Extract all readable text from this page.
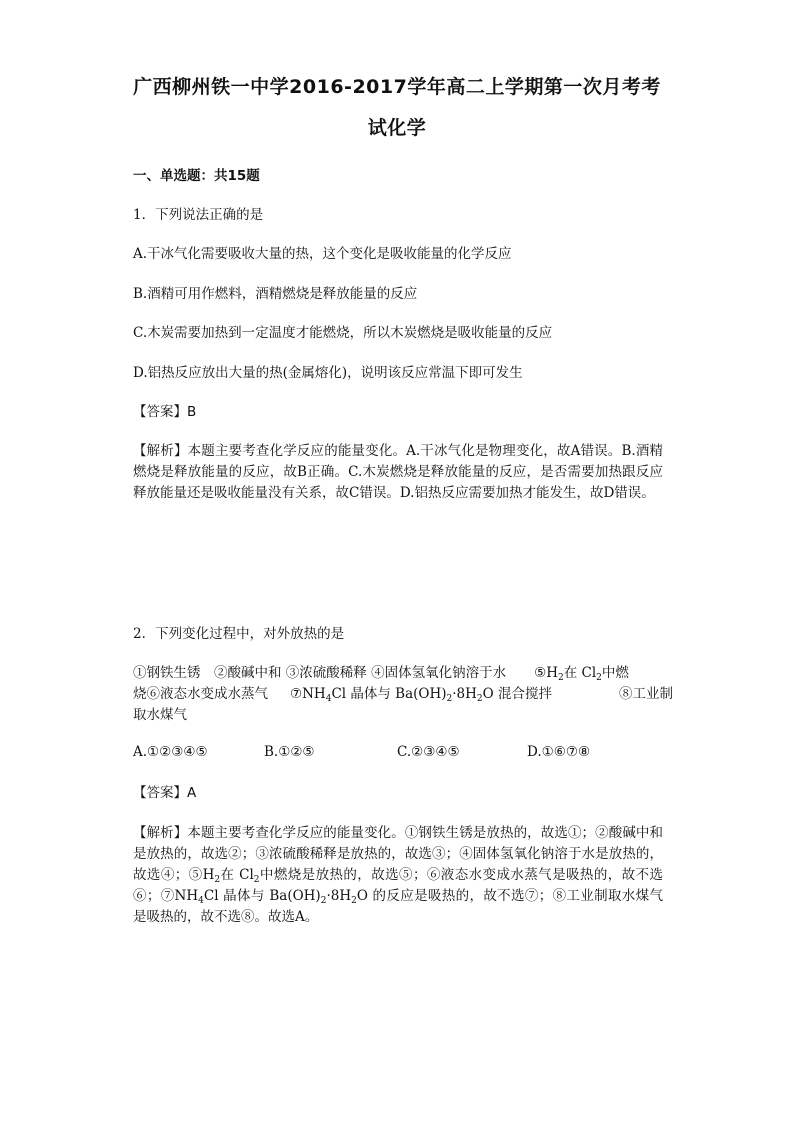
广西柳州铁一中学2016-2017学年高二上学期第一次月考考
试化学
一、单选题：共15题
1．下列说法正确的是
A.干冰气化需要吸收大量的热，这个变化是吸收能量的化学反应
B.酒精可用作燃料，酒精燃烧是释放能量的反应
C.木炭需要加热到一定温度才能燃烧，所以木炭燃烧是吸收能量的反应
D.铝热反应放出大量的热(金属熔化)，说明该反应常温下即可发生
【答案】B
【解析】本题主要考查化学反应的能量变化。A.干冰气化是物理变化，故A错误。B.酒精燃烧是释放能量的反应，故B正确。C.木炭燃烧是释放能量的反应，是否需要加热跟反应释放能量还是吸收能量没有关系，故C错误。D.铝热反应需要加热才能发生，故D错误。
2．下列变化过程中，对外放热的是
①钢铁生锈　②酸碱中和 ③浓硫酸稀释 ④固体氢氧化钠溶于水 $⑤H_2$在 $Cl_2$中燃
烧⑥液态水变成水蒸气 $⑦NH_4Cl$ 晶体与 $Ba(OH)_2\cdot 8H_2O$ 混合搅拌	⑧工业制
取水煤气
A.①②③④⑤	B.①②⑤	C.②③④⑤	D.①⑥⑦⑧
【答案】A
【解析】本题主要考查化学反应的能量变化。①钢铁生锈是放热的，故选①；②酸碱中和是放热的，故选②；③浓硫酸稀释是放热的，故选③；④固体氢氧化钠溶于水是放热的，故选④；$⑤H_2$在 $Cl_2$中燃烧是放热的，故选⑤；⑥液态水变成水蒸气是吸热的，故不选⑥；$⑦NH_4Cl$ 晶体与 $Ba(OH)_2\cdot 8H_2O$ 的反应是吸热的，故不选⑦；⑧工业制取水煤气是吸热的，故不选⑧。故选A。
